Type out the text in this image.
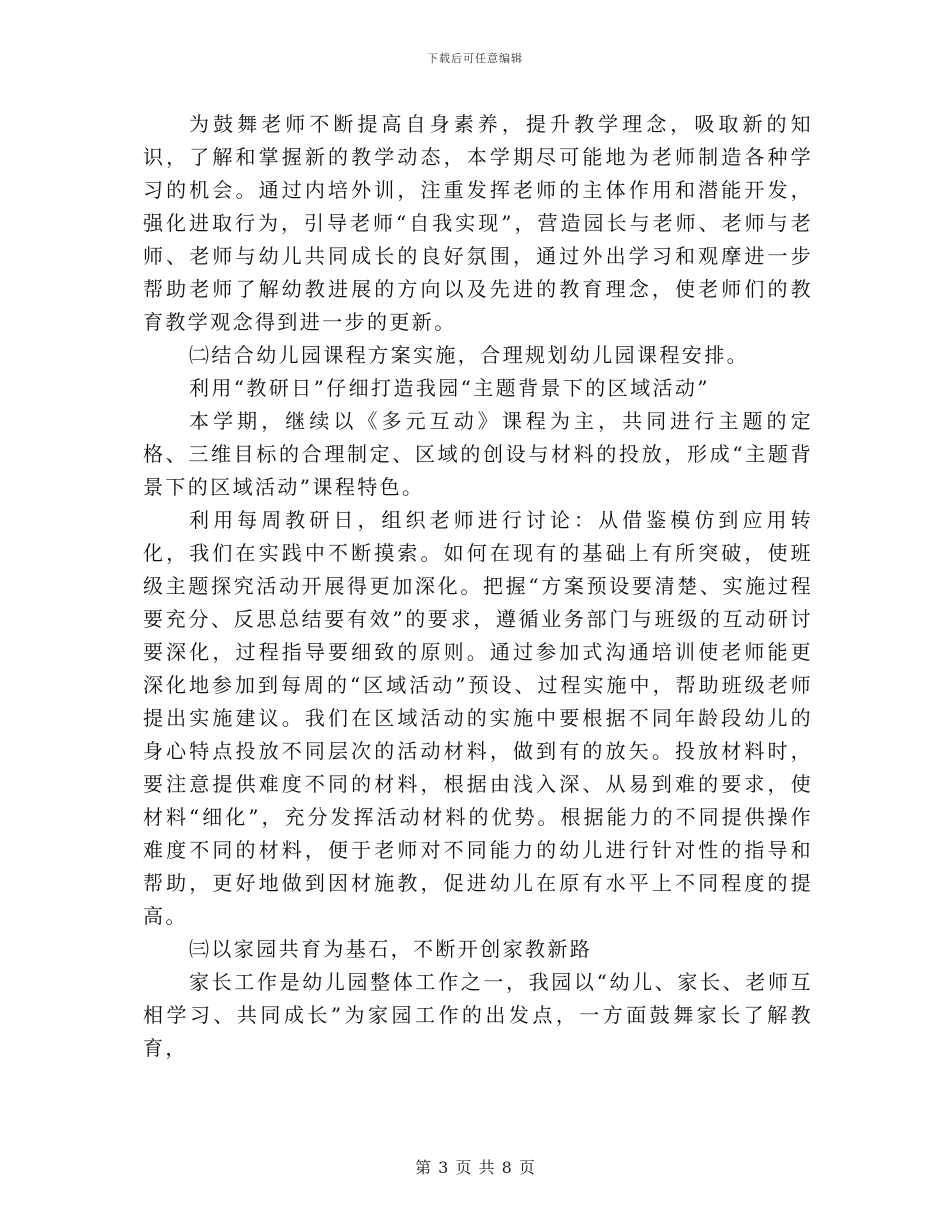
下载后可任意编辑

为鼓舞老师不断提高自身素养，提升教学理念，吸取新的知识，了解和掌握新的教学动态，本学期尽可能地为老师制造各种学习的机会。通过内培外训，注重发挥老师的主体作用和潜能开发，强化进取行为，引导老师“自我实现”，营造园长与老师、老师与老师、老师与幼儿共同成长的良好氛围，通过外出学习和观摩进一步帮助老师了解幼教进展的方向以及先进的教育理念，使老师们的教育教学观念得到进一步的更新。

㈡结合幼儿园课程方案实施，合理规划幼儿园课程安排。

利用“教研日”仔细打造我园“主题背景下的区域活动”

本学期，继续以《多元互动》课程为主，共同进行主题的定格、三维目标的合理制定、区域的创设与材料的投放，形成“主题背景下的区域活动”课程特色。

利用每周教研日，组织老师进行讨论：从借鉴模仿到应用转化，我们在实践中不断摸索。如何在现有的基础上有所突破，使班级主题探究活动开展得更加深化。把握“方案预设要清楚、实施过程要充分、反思总结要有效”的要求，遵循业务部门与班级的互动研讨要深化，过程指导要细致的原则。通过参加式沟通培训使老师能更深化地参加到每周的“区域活动”预设、过程实施中，帮助班级老师提出实施建议。我们在区域活动的实施中要根据不同年龄段幼儿的身心特点投放不同层次的活动材料，做到有的放矢。投放材料时，要注意提供难度不同的材料，根据由浅入深、从易到难的要求，使材料“细化”，充分发挥活动材料的优势。根据能力的不同提供操作难度不同的材料，便于老师对不同能力的幼儿进行针对性的指导和帮助，更好地做到因材施教，促进幼儿在原有水平上不同程度的提高。

㈢以家园共育为基石，不断开创家教新路

家长工作是幼儿园整体工作之一，我园以“幼儿、家长、老师互相学习、共同成长”为家园工作的出发点，一方面鼓舞家长了解教育，

第 3 页 共 8 页
